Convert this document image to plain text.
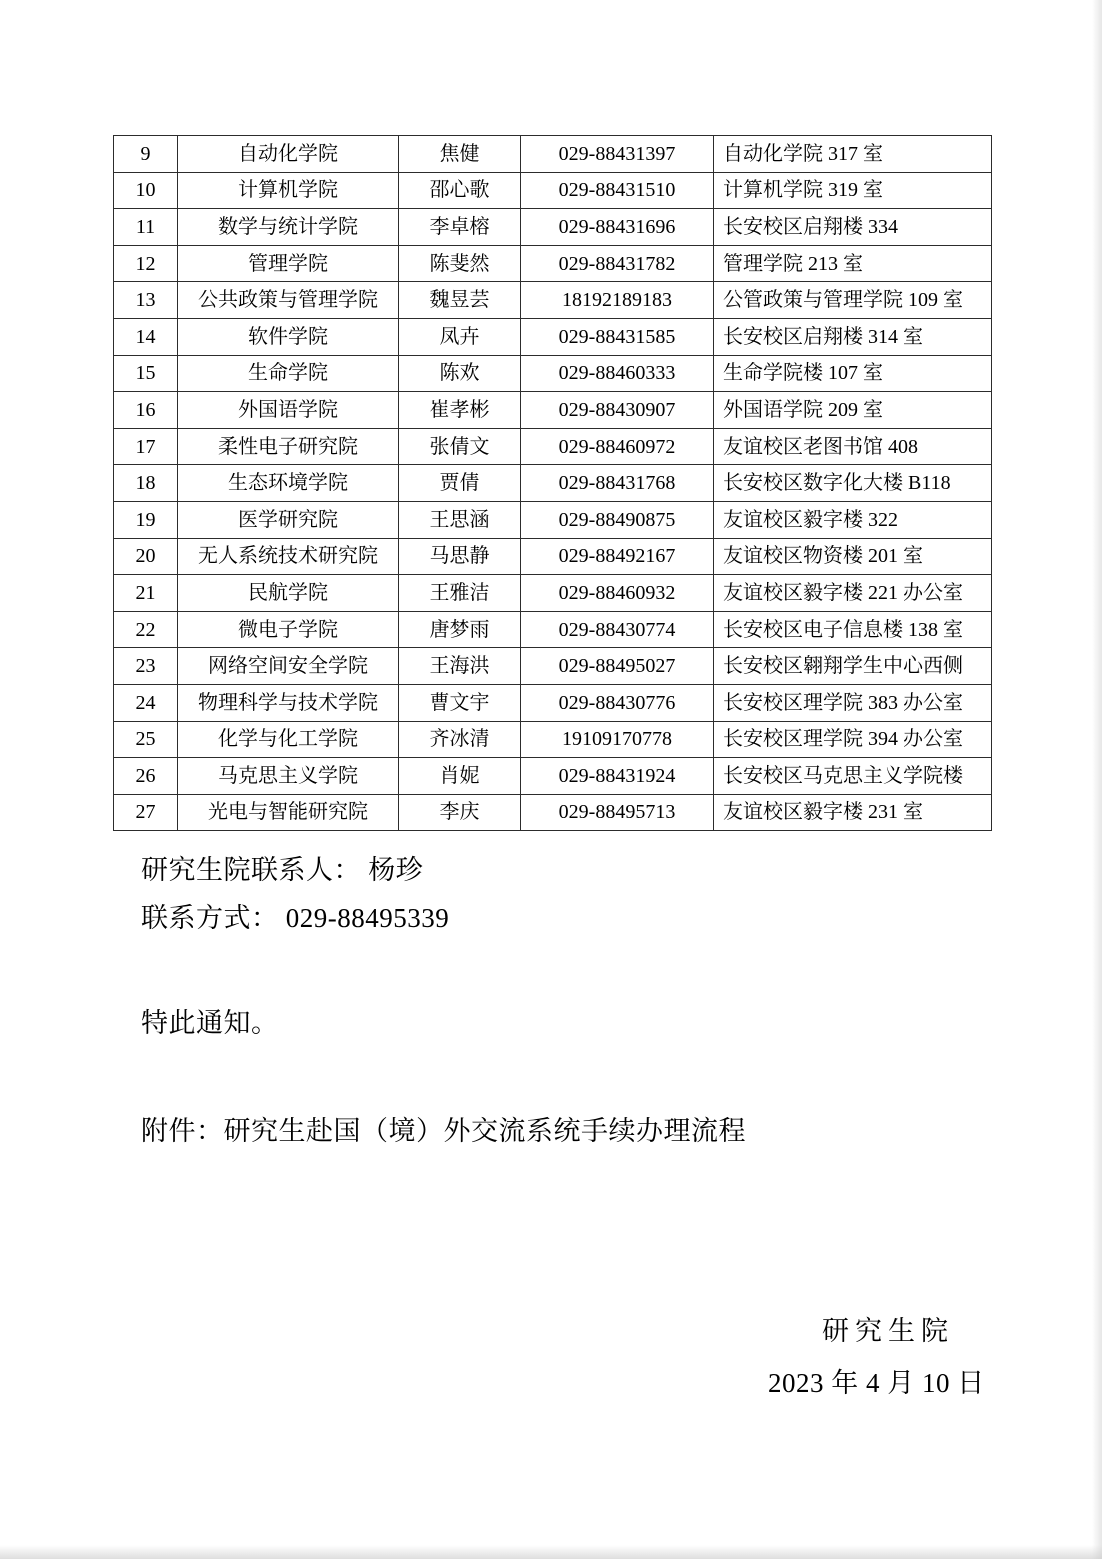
9	自动化学院	焦健	029-88431397	自动化学院 317 室
10	计算机学院	邵心歌	029-88431510	计算机学院 319 室
11	数学与统计学院	李卓榕	029-88431696	长安校区启翔楼 334
12	管理学院	陈斐然	029-88431782	管理学院 213 室
13	公共政策与管理学院	魏昱芸	18192189183	公管政策与管理学院 109 室
14	软件学院	凤卉	029-88431585	长安校区启翔楼 314 室
15	生命学院	陈欢	029-88460333	生命学院楼 107 室
16	外国语学院	崔孝彬	029-88430907	外国语学院 209 室
17	柔性电子研究院	张倩文	029-88460972	友谊校区老图书馆 408
18	生态环境学院	贾倩	029-88431768	长安校区数字化大楼 B118
19	医学研究院	王思涵	029-88490875	友谊校区毅字楼 322
20	无人系统技术研究院	马思静	029-88492167	友谊校区物资楼 201 室
21	民航学院	王雅洁	029-88460932	友谊校区毅字楼 221 办公室
22	微电子学院	唐梦雨	029-88430774	长安校区电子信息楼 138 室
23	网络空间安全学院	王海洪	029-88495027	长安校区翱翔学生中心西侧
24	物理科学与技术学院	曹文宇	029-88430776	长安校区理学院 383 办公室
25	化学与化工学院	齐冰清	19109170778	长安校区理学院 394 办公室
26	马克思主义学院	肖妮	029-88431924	长安校区马克思主义学院楼
27	光电与智能研究院	李庆	029-88495713	友谊校区毅字楼 231 室

研究生院联系人： 杨珍

联系方式： 029-88495339

特此通知。

附件：研究生赴国（境）外交流系统手续办理流程

研究生院

2023 年 4 月 10 日
